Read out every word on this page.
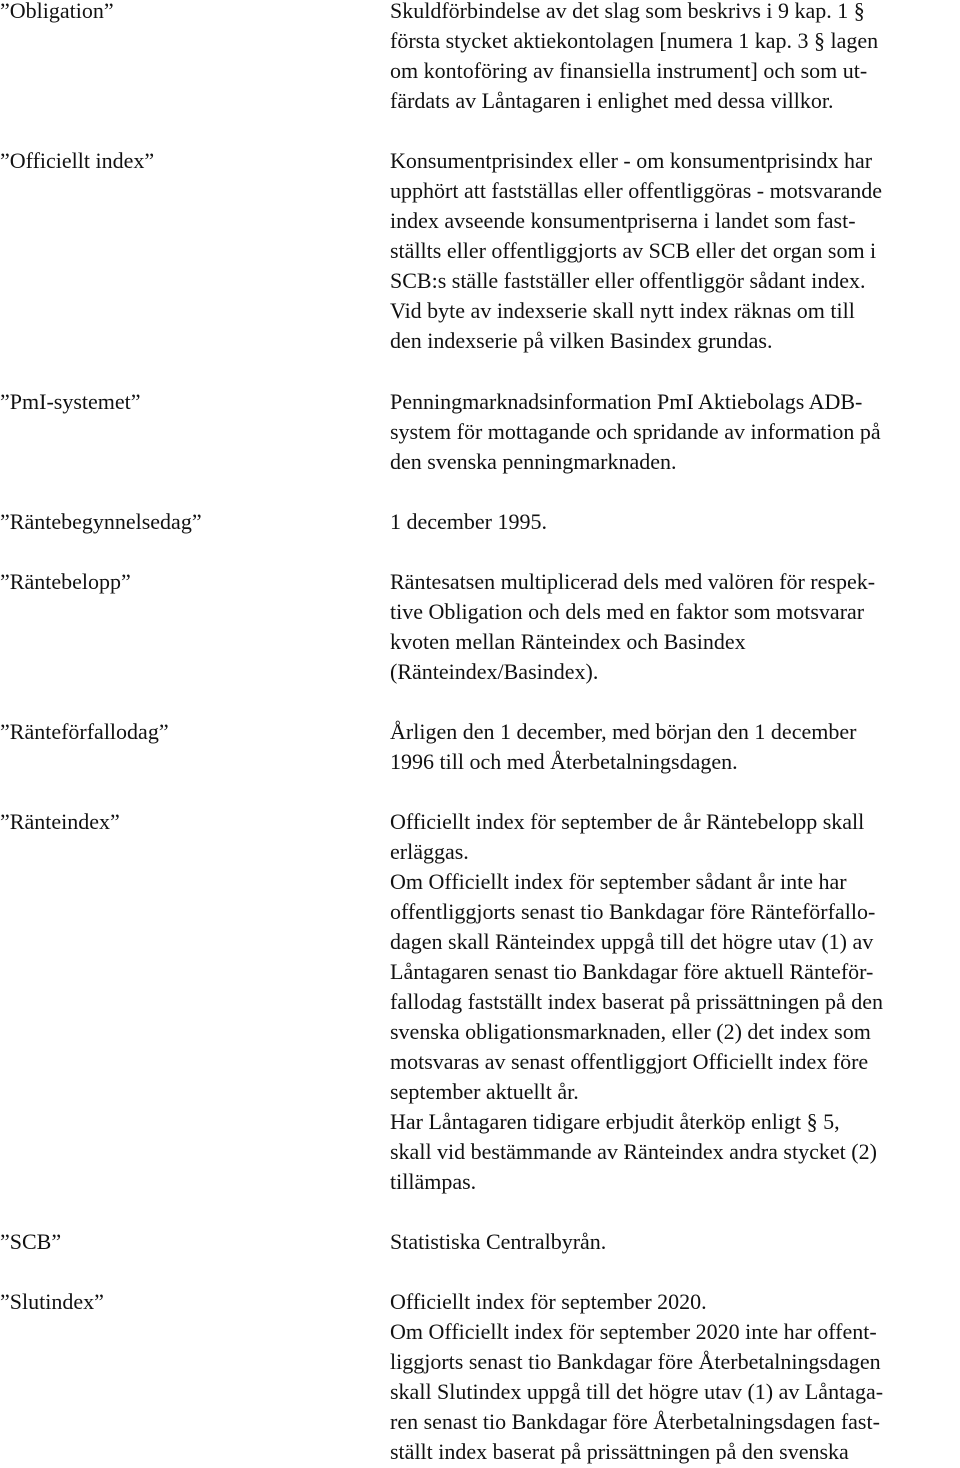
”Obligation”	Skuldförbindelse av det slag som beskrivs i 9 kap. 1 §
första stycket aktiekontolagen [numera 1 kap. 3 § lagen
om kontoföring av finansiella instrument] och som ut-
färdats av Låntagaren i enlighet med dessa villkor.
”Officiellt index”	Konsumentprisindex eller - om konsumentprisindx har
upphört att fastställas eller offentliggöras - motsvarande
index avseende konsumentpriserna i landet som fast-
ställts eller offentliggjorts av SCB eller det organ som i
SCB:s ställe fastställer eller offentliggör sådant index.
Vid byte av indexserie skall nytt index räknas om till
den indexserie på vilken Basindex grundas.
”PmI-systemet”	Penningmarknadsinformation PmI Aktiebolags ADB-
system för mottagande och spridande av information på
den svenska penningmarknaden.
”Räntebegynnelsedag”	1 december 1995.
”Räntebelopp”	Räntesatsen multiplicerad dels med valören för respek-
tive Obligation och dels med en faktor som motsvarar
kvoten mellan Ränteindex och Basindex
(Ränteindex/Basindex).
”Ränteförfallodag”	Årligen den 1 december, med början den 1 december
1996 till och med Återbetalningsdagen.
”Ränteindex”	Officiellt index för september de år Räntebelopp skall
erläggas.
Om Officiellt index för september sådant år inte har
offentliggjorts senast tio Bankdagar före Ränteförfallo-
dagen skall Ränteindex uppgå till det högre utav (1) av
Låntagaren senast tio Bankdagar före aktuell Ränteför-
fallodag fastställt index baserat på prissättningen på den
svenska obligationsmarknaden, eller (2) det index som
motsvaras av senast offentliggjort Officiellt index före
september aktuellt år.
Har Låntagaren tidigare erbjudit återköp enligt § 5,
skall vid bestämmande av Ränteindex andra stycket (2)
tillämpas.
”SCB”	Statistiska Centralbyrån.
”Slutindex”	Officiellt index för september 2020.
Om Officiellt index för september 2020 inte har offent-
liggjorts senast tio Bankdagar före Återbetalningsdagen
skall Slutindex uppgå till det högre utav (1) av Låntaga-
ren senast tio Bankdagar före Återbetalningsdagen fast-
ställt index baserat på prissättningen på den svenska
